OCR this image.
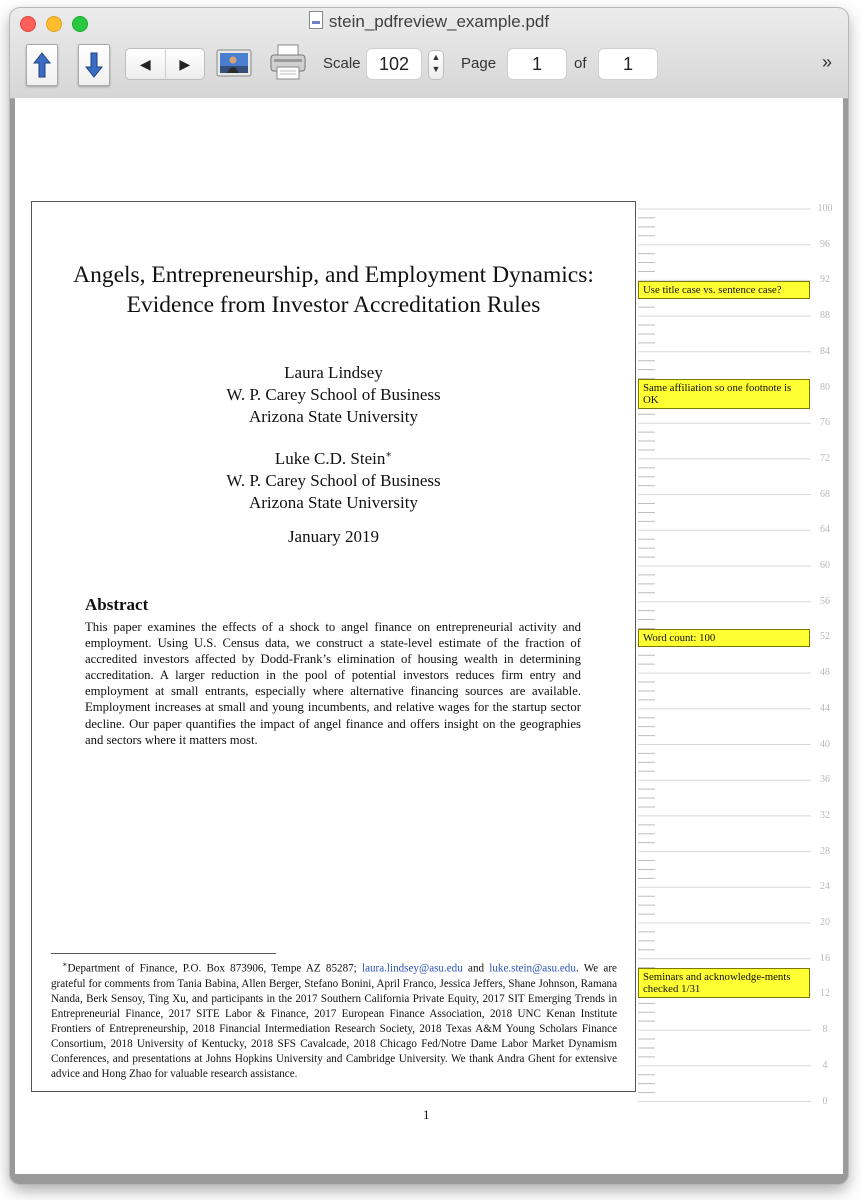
stein_pdfreview_example.pdf
◀	▶	Scale	102	▲
▼ Page	1	of	1	»
Angels, Entrepreneurship, and Employment Dynamics:
Evidence from Investor Accreditation Rules
Laura Lindsey
W. P. Carey School of Business
Arizona State University
Luke C.D. Stein∗
W. P. Carey School of Business
Arizona State University
January 2019
Abstract
This paper examines the effects of a shock to angel finance on entrepreneurial activity and employment. Using U.S. Census data, we construct a state-level estimate of the fraction of accredited investors affected by Dodd-Frank’s elimination of housing wealth in determining accreditation. A larger reduction in the pool of potential investors reduces firm entry and employment at small entrants, especially where alternative financing sources are available. Employment increases at small and young incumbents, and relative wages for the startup sector decline. Our paper quantifies the impact of angel finance and offers insight on the geographies and sectors where it matters most.
 ∗Department of Finance, P.O. Box 873906, Tempe AZ 85287; laura.lindsey@asu.edu and luke.stein@asu.edu. We are grateful for comments from Tania Babina, Allen Berger, Stefano Bonini, April Franco, Jessica Jeffers, Shane Johnson, Ramana Nanda, Berk Sensoy, Ting Xu, and participants in the 2017 Southern California Private Equity, 2017 SIT Emerging Trends in Entrepreneurial Finance, 2017 SITE Labor & Finance, 2017 European Finance Association, 2018 UNC Kenan Institute Frontiers of Entrepreneurship, 2018 Financial Intermediation Research Society, 2018 Texas A&M Young Scholars Finance Consortium, 2018 University of Kentucky, 2018 SFS Cavalcade, 2018 Chicago Fed/Notre Dame Labor Market Dynamism Conferences, and presentations at Johns Hopkins University and Cambridge University. We thank Andra Ghent for extensive advice and Hong Zhao for valuable research assistance.
1
100
96
92
88
84
80
76
72
68
64
60
56
52
48
44
40
36
32
28
24
20
16
12
8
4
0
Use title case vs. sentence case?
Same affiliation so one footnote is OK
Word count: 100
Seminars and acknowledge-ments checked 1/31
